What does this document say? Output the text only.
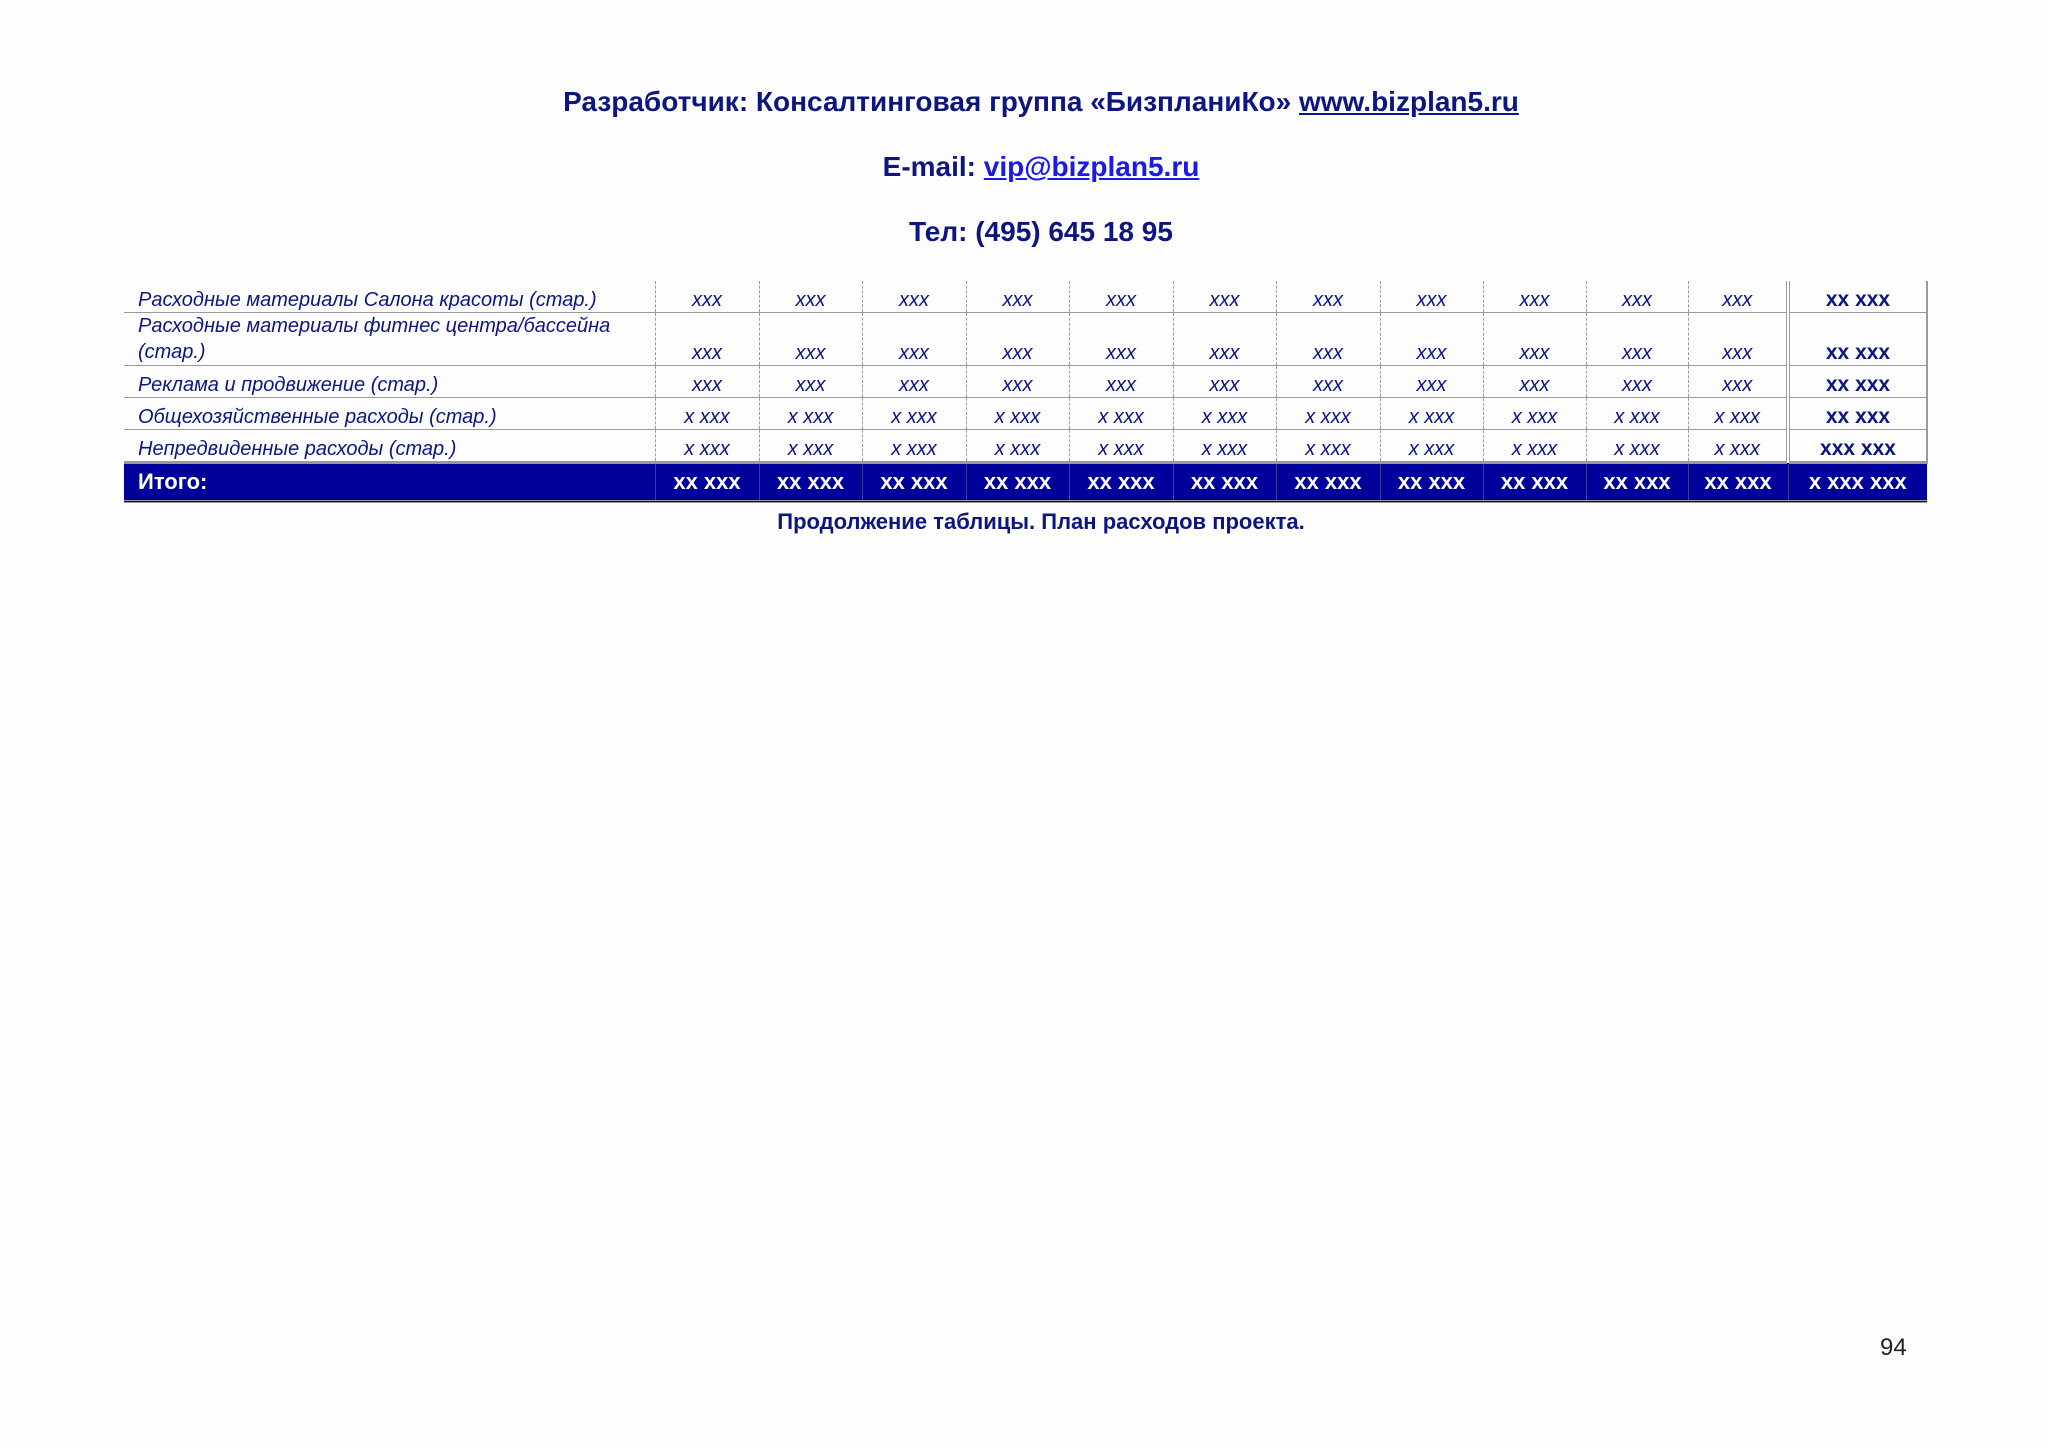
Разработчик: Консалтинговая группа «БизпланиКо» www.bizplan5.ru
E-mail: vip@bizplan5.ru
Тел: (495) 645 18 95
Расходные материалы Салона красоты (стар.)	xxx	xxx	xxx	xxx	xxx	xxx	xxx	xxx	xxx	xxx	xxx	xx xxx
Расходные материалы фитнес центра/бассейна (стар.)	xxx	xxx	xxx	xxx	xxx	xxx	xxx	xxx	xxx	xxx	xxx	xx xxx
Реклама и продвижение (стар.)	xxx	xxx	xxx	xxx	xxx	xxx	xxx	xxx	xxx	xxx	xxx	xx xxx
Общехозяйственные расходы (стар.)	x xxx	x xxx	x xxx	x xxx	x xxx	x xxx	x xxx	x xxx	x xxx	x xxx	x xxx	xx xxx
Непредвиденные расходы (стар.)	x xxx	x xxx	x xxx	x xxx	x xxx	x xxx	x xxx	x xxx	x xxx	x xxx	x xxx	xxx xxx
Итого:	xx xxx	xx xxx	xx xxx	xx xxx	xx xxx	xx xxx	xx xxx	xx xxx	xx xxx	xx xxx	xx xxx	x xxx xxx
Продолжение таблицы. План расходов проекта.
94
